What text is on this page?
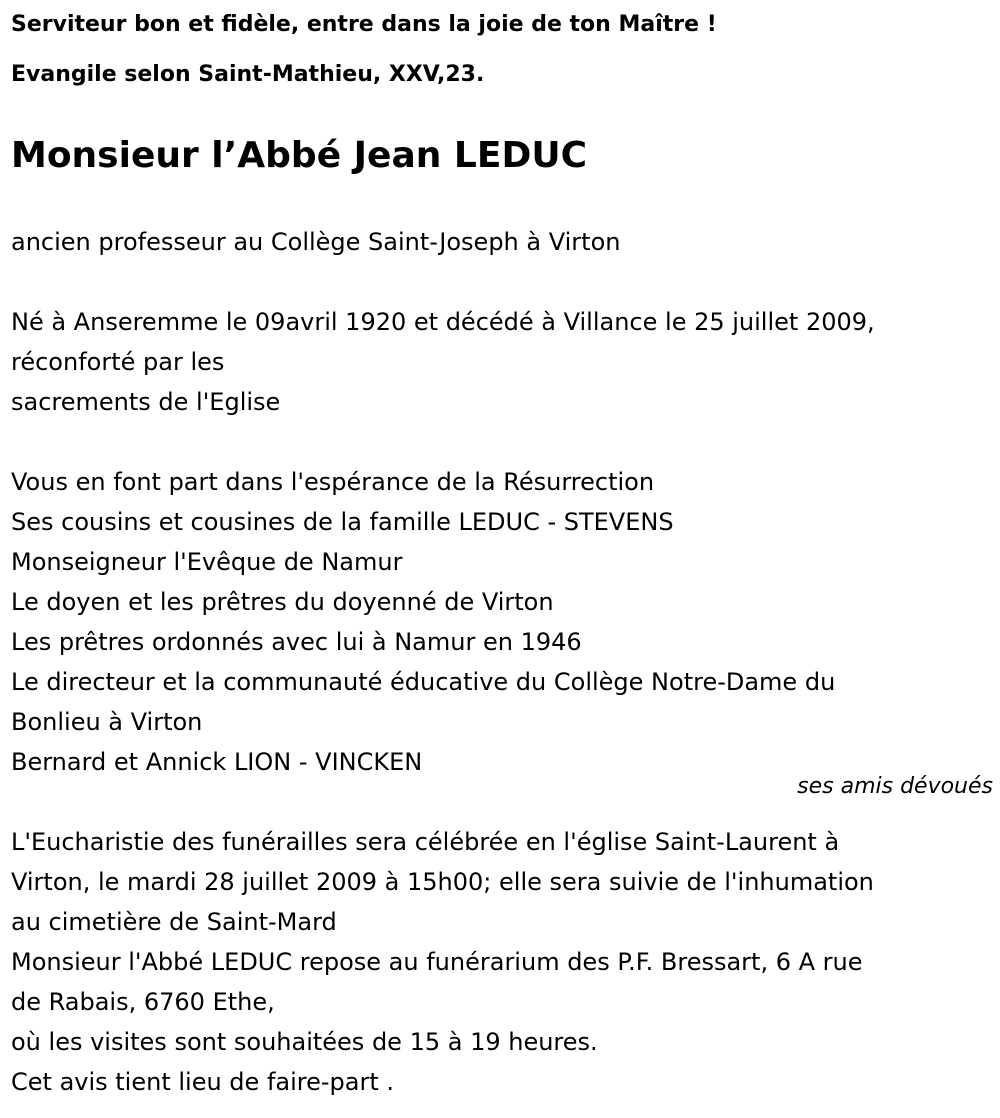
Serviteur bon et fidèle, entre dans la joie de ton Maître !
Evangile selon Saint-Mathieu, XXV,23.
Monsieur l’Abbé Jean LEDUC
ancien professeur au Collège Saint-Joseph à Virton
Né à Anseremme le 09avril 1920 et décédé à Villance le 25 juillet 2009,
réconforté par les
sacrements de l'Eglise
Vous en font part dans l'espérance de la Résurrection
Ses cousins et cousines de la famille LEDUC - STEVENS
Monseigneur l'Evêque de Namur
Le doyen et les prêtres du doyenné de Virton
Les prêtres ordonnés avec lui à Namur en 1946
Le directeur et la communauté éducative du Collège Notre-Dame du
Bonlieu à Virton
Bernard et Annick LION - VINCKEN
ses amis dévoués
L'Eucharistie des funérailles sera célébrée en l'église Saint-Laurent à
Virton, le mardi 28 juillet 2009 à 15h00; elle sera suivie de l'inhumation
au cimetière de Saint-Mard
Monsieur l'Abbé LEDUC repose au funérarium des P.F. Bressart, 6 A rue
de Rabais, 6760 Ethe,
où les visites sont souhaitées de 15 à 19 heures.
Cet avis tient lieu de faire-part .
